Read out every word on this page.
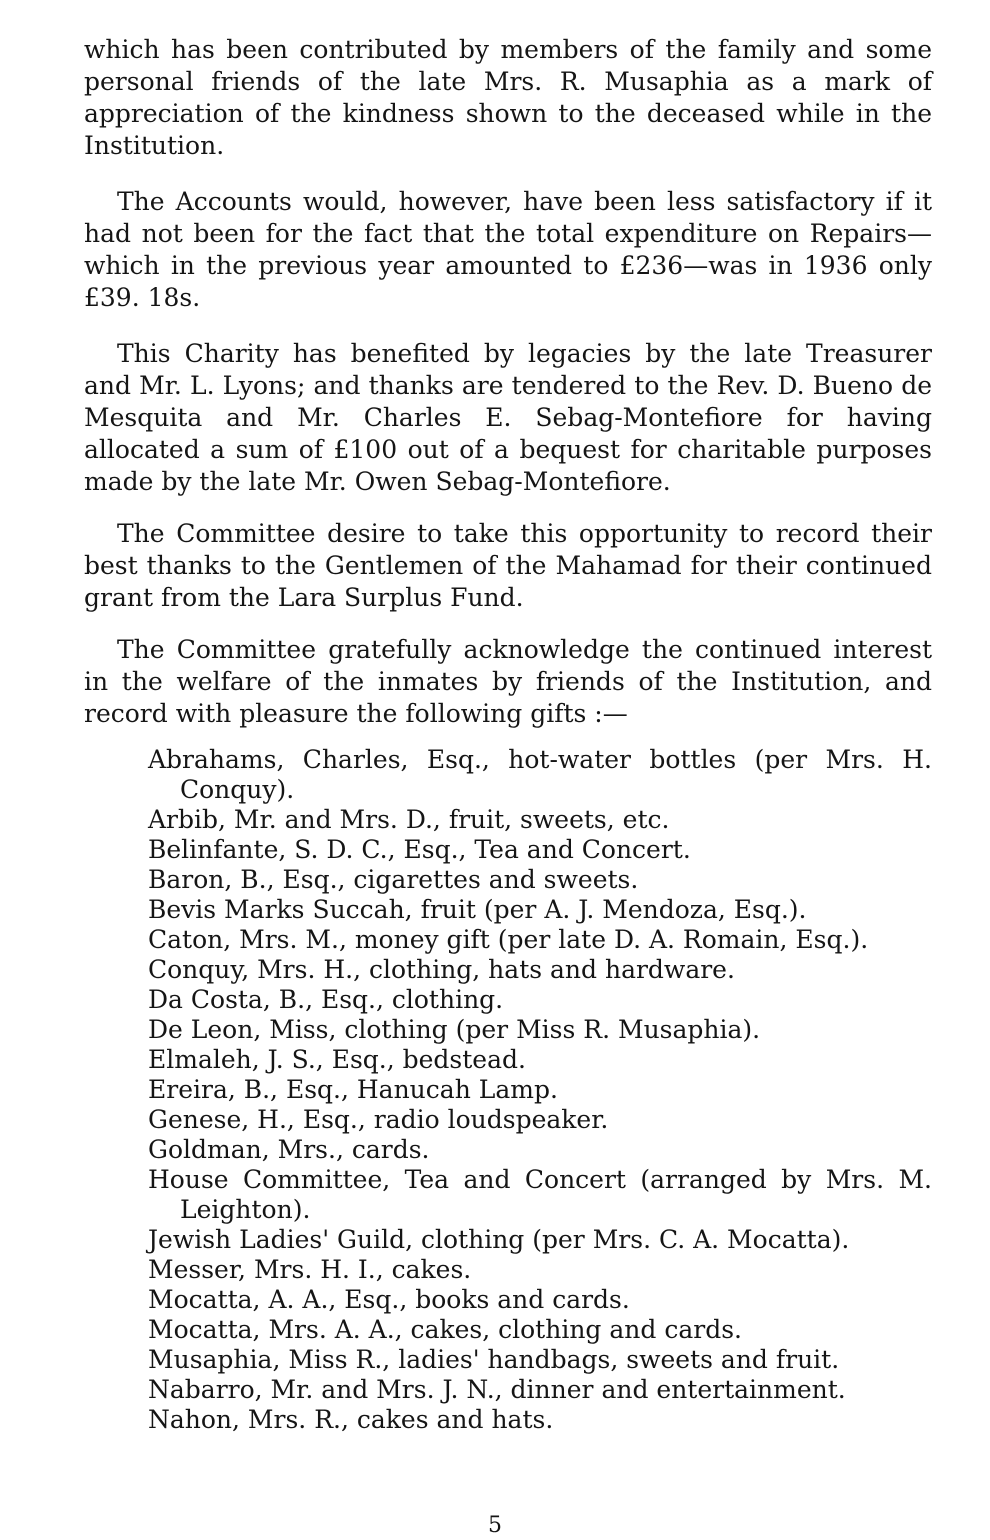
which has been contributed by members of the family and some personal friends of the late Mrs. R. Musaphia as a mark of appreciation of the kindness shown to the deceased while in the Institution.

The Accounts would, however, have been less satisfactory if it had not been for the fact that the total expenditure on Repairs—which in the previous year amounted to £236—was in 1936 only £39. 18s.

This Charity has benefited by legacies by the late Treasurer and Mr. L. Lyons; and thanks are tendered to the Rev. D. Bueno de Mesquita and Mr. Charles E. Sebag-Montefiore for having allocated a sum of £100 out of a bequest for charitable purposes made by the late Mr. Owen Sebag-Montefiore.

The Committee desire to take this opportunity to record their best thanks to the Gentlemen of the Mahamad for their continued grant from the Lara Surplus Fund.

The Committee gratefully acknowledge the continued interest in the welfare of the inmates by friends of the Institution, and record with pleasure the following gifts :—

Abrahams, Charles, Esq., hot-water bottles (per Mrs. H. Conquy).
Arbib, Mr. and Mrs. D., fruit, sweets, etc.
Belinfante, S. D. C., Esq., Tea and Concert.
Baron, B., Esq., cigarettes and sweets.
Bevis Marks Succah, fruit (per A. J. Mendoza, Esq.).
Caton, Mrs. M., money gift (per late D. A. Romain, Esq.).
Conquy, Mrs. H., clothing, hats and hardware.
Da Costa, B., Esq., clothing.
De Leon, Miss, clothing (per Miss R. Musaphia).
Elmaleh, J. S., Esq., bedstead.
Ereira, B., Esq., Hanucah Lamp.
Genese, H., Esq., radio loudspeaker.
Goldman, Mrs., cards.
House Committee, Tea and Concert (arranged by Mrs. M. Leighton).
Jewish Ladies' Guild, clothing (per Mrs. C. A. Mocatta).
Messer, Mrs. H. I., cakes.
Mocatta, A. A., Esq., books and cards.
Mocatta, Mrs. A. A., cakes, clothing and cards.
Musaphia, Miss R., ladies' handbags, sweets and fruit.
Nabarro, Mr. and Mrs. J. N., dinner and entertainment.
Nahon, Mrs. R., cakes and hats.
5
